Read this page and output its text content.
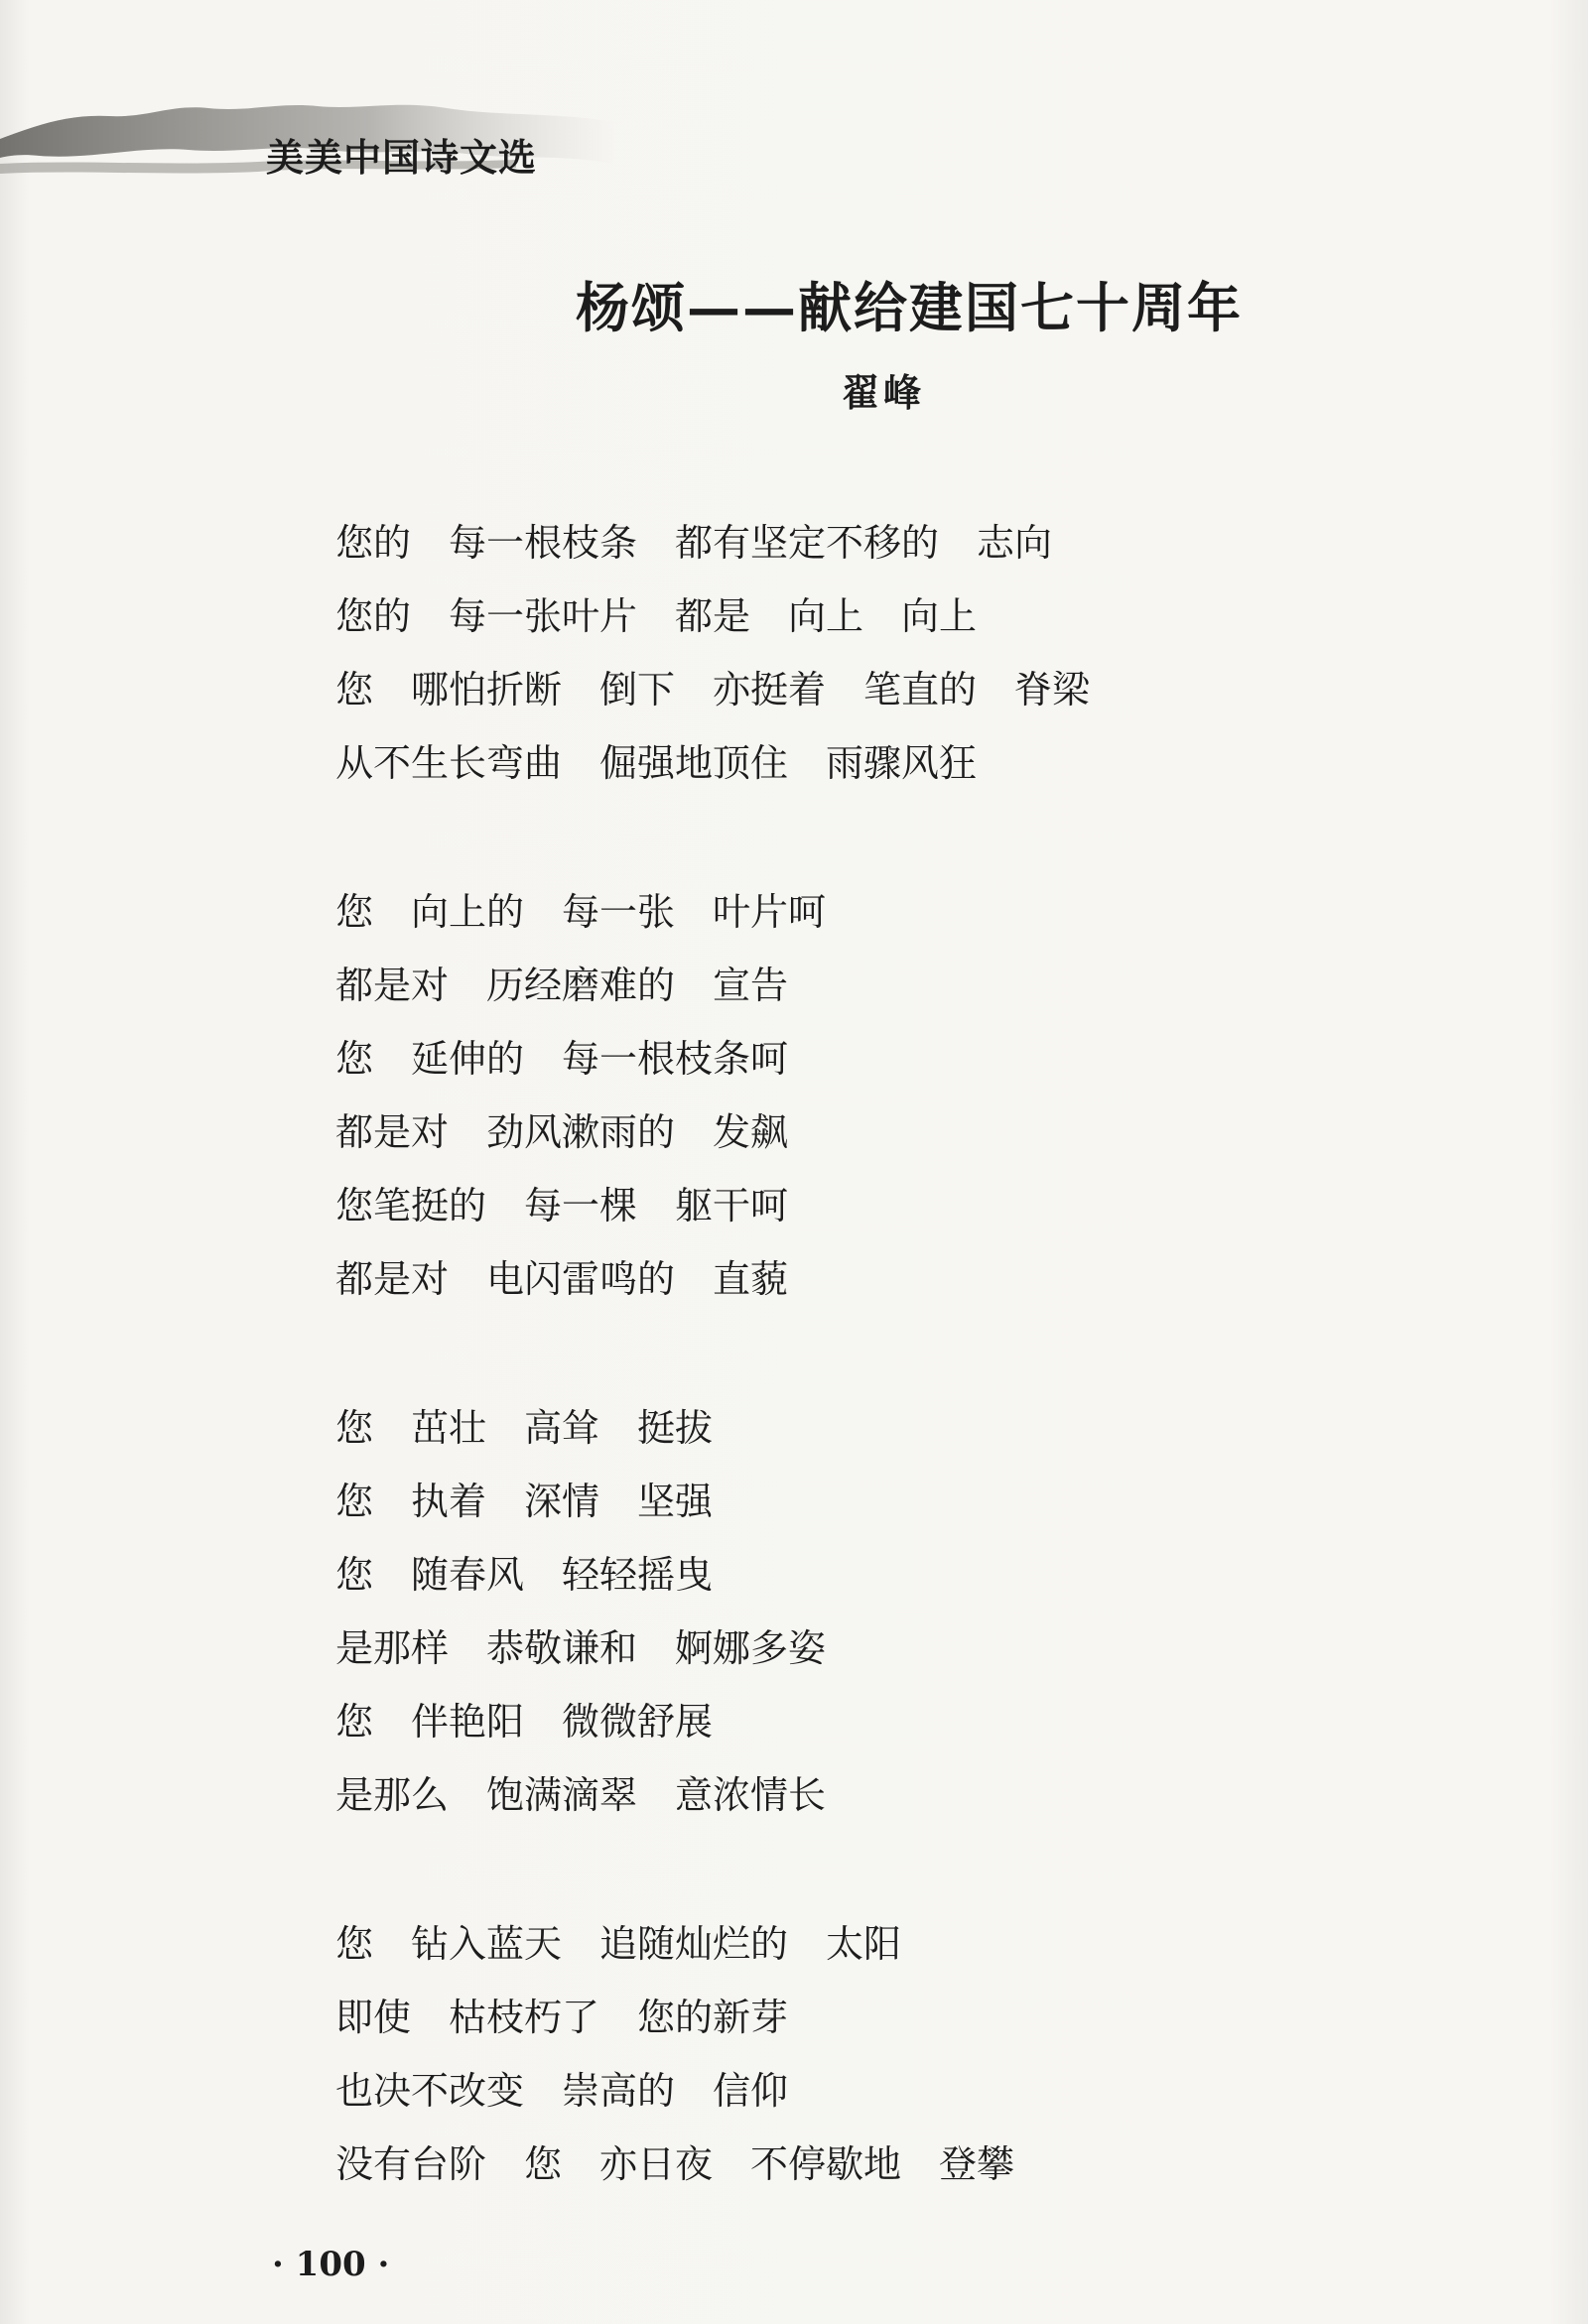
美美中国诗文选
杨颂——献给建国七十周年
翟峰
您的　每一根枝条　都有坚定不移的　志向
您的　每一张叶片　都是　向上　向上
您　哪怕折断　倒下　亦挺着　笔直的　脊梁
从不生长弯曲　倔强地顶住　雨骤风狂
您　向上的　每一张　叶片呵
都是对　历经磨难的　宣告
您　延伸的　每一根枝条呵
都是对　劲风漱雨的　发飙
您笔挺的　每一棵　躯干呵
都是对　电闪雷鸣的　直藐
您　茁壮　高耸　挺拔
您　执着　深情　坚强
您　随春风　轻轻摇曳
是那样　恭敬谦和　婀娜多姿
您　伴艳阳　微微舒展
是那么　饱满滴翠　意浓情长
您　钻入蓝天　追随灿烂的　太阳
即使　枯枝朽了　您的新芽
也决不改变　崇高的　信仰
没有台阶　您　亦日夜　不停歇地　登攀
· 100 ·
